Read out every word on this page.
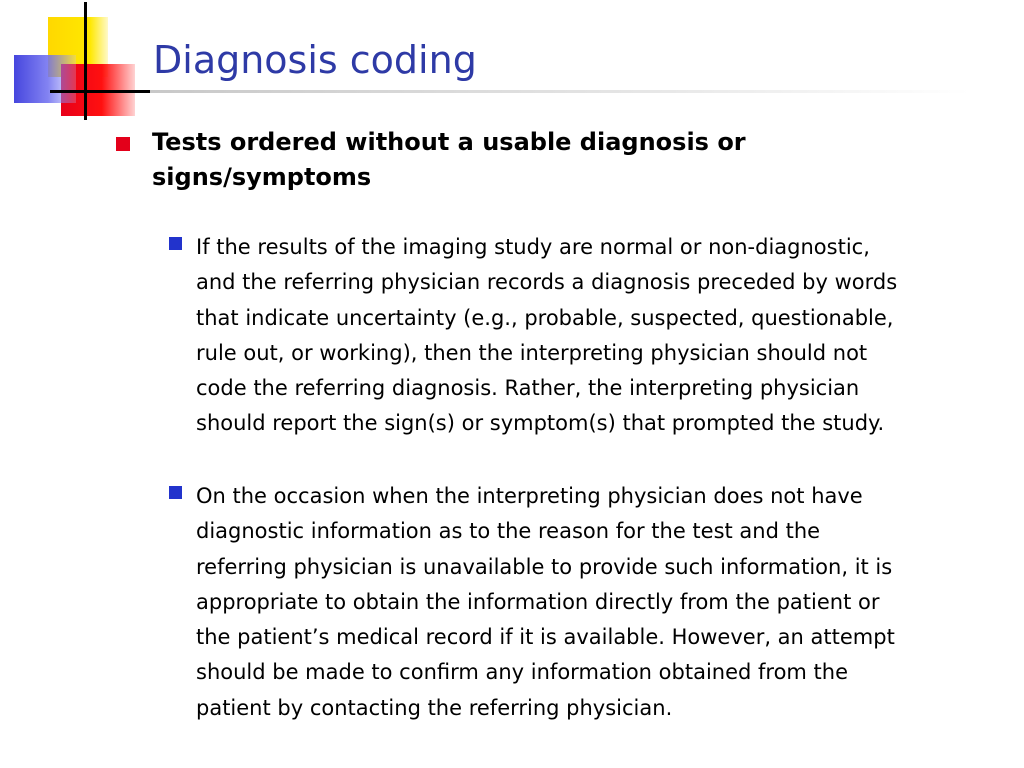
Diagnosis coding
Tests ordered without a usable diagnosis or
signs/symptoms
If the results of the imaging study are normal or non-diagnostic,
and the referring physician records a diagnosis preceded by words
that indicate uncertainty (e.g., probable, suspected, questionable,
rule out, or working), then the interpreting physician should not
code the referring diagnosis. Rather, the interpreting physician
should report the sign(s) or symptom(s) that prompted the study.
On the occasion when the interpreting physician does not have
diagnostic information as to the reason for the test and the
referring physician is unavailable to provide such information, it is
appropriate to obtain the information directly from the patient or
the patient’s medical record if it is available. However, an attempt
should be made to confirm any information obtained from the
patient by contacting the referring physician.
